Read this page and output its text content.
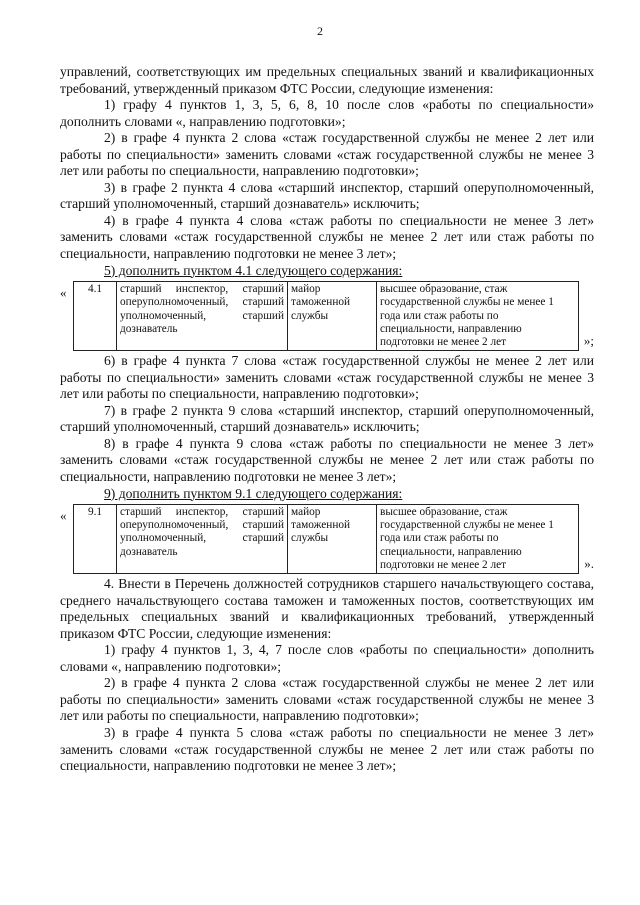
2

управлений, соответствующих им предельных специальных званий и квалификационных требований, утвержденный приказом ФТС России, следующие изменения:

1) графу 4 пунктов 1, 3, 5, 6, 8, 10 после слов «работы по специальности» дополнить словами «, направлению подготовки»;

2) в графе 4 пункта 2 слова «стаж государственной службы не менее 2 лет или работы по специальности» заменить словами «стаж государственной службы не менее 3 лет или работы по специальности, направлению подготовки»;

3) в графе 2 пункта 4 слова «старший инспектор, старший оперуполномоченный, старший уполномоченный, старший дознаватель» исключить;

4) в графе 4 пункта 4 слова «стаж работы по специальности не менее 3 лет» заменить словами «стаж государственной службы не менее 2 лет или стаж работы по специальности, направлению подготовки не менее 3 лет»;

5) дополнить пунктом 4.1 следующего содержания:

« 4.1	старший инспектор, старший оперуполномоченный, старший уполномоченный, старший дознаватель	майор таможенной службы	высшее образование, стаж государственной службы не менее 1 года или стаж работы по специальности, направлению подготовки не менее 2 лет	»;

6) в графе 4 пункта 7 слова «стаж государственной службы не менее 2 лет или работы по специальности» заменить словами «стаж государственной службы не менее 3 лет или работы по специальности, направлению подготовки»;

7) в графе 2 пункта 9 слова «старший инспектор, старший оперуполномоченный, старший уполномоченный, старший дознаватель» исключить;

8) в графе 4 пункта 9 слова «стаж работы по специальности не менее 3 лет» заменить словами «стаж государственной службы не менее 2 лет или стаж работы по специальности, направлению подготовки не менее 3 лет»;

9) дополнить пунктом 9.1 следующего содержания:

« 9.1	старший инспектор, старший оперуполномоченный, старший уполномоченный, старший дознаватель	майор таможенной службы	высшее образование, стаж государственной службы не менее 1 года или стаж работы по специальности, направлению подготовки не менее 2 лет	».

4. Внести в Перечень должностей сотрудников старшего начальствующего состава, среднего начальствующего состава таможен и таможенных постов, соответствующих им предельных специальных званий и квалификационных требований, утвержденный приказом ФТС России, следующие изменения:

1) графу 4 пунктов 1, 3, 4, 7 после слов «работы по специальности» дополнить словами «, направлению подготовки»;

2) в графе 4 пункта 2 слова «стаж государственной службы не менее 2 лет или работы по специальности» заменить словами «стаж государственной службы не менее 3 лет или работы по специальности, направлению подготовки»;

3) в графе 4 пункта 5 слова «стаж работы по специальности не менее 3 лет» заменить словами «стаж государственной службы не менее 2 лет или стаж работы по специальности, направлению подготовки не менее 3 лет»;
